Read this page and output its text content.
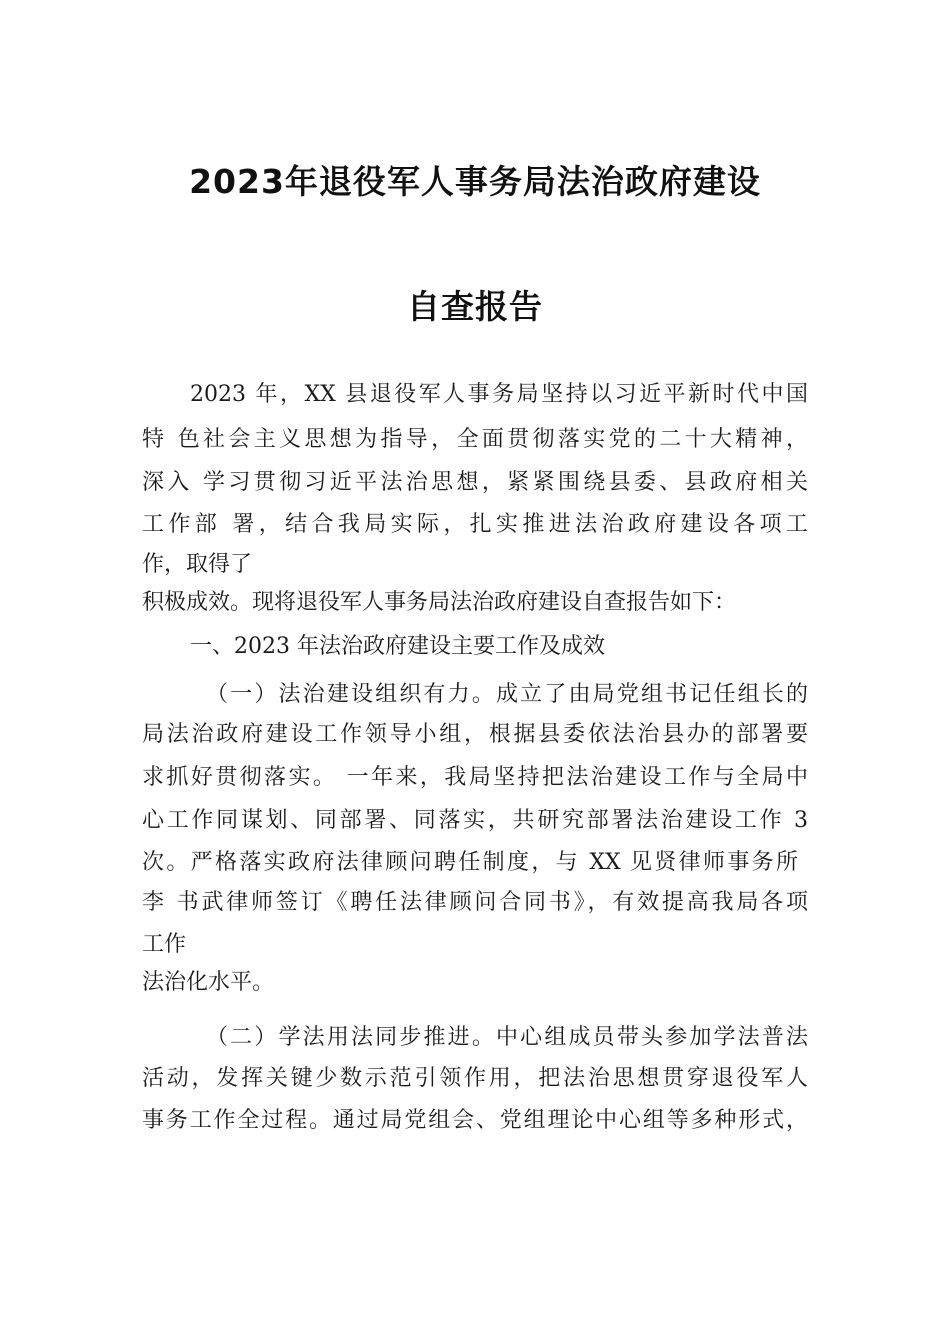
2023年退役军人事务局法治政府建设
自查报告
2023 年，XX 县退役军人事务局坚持以习近平新时代中国
特 色社会主义思想为指导，全面贯彻落实党的二十大精神，
深入 学习贯彻习近平法治思想，紧紧围绕县委、县政府相关
工作部 署，结合我局实际，扎实推进法治政府建设各项工
作，取得了
积极成效。现将退役军人事务局法治政府建设自查报告如下：
一、2023 年法治政府建设主要工作及成效
（一）法治建设组织有力。成立了由局党组书记任组长的
局法治政府建设工作领导小组，根据县委依法治县办的部署要
求抓好贯彻落实。 一年来，我局坚持把法治建设工作与全局中
心工作同谋划、同部署、同落实，共研究部署法治建设工作 3
次。严格落实政府法律顾问聘任制度，与 XX 见贤律师事务所
李 书武律师签订《聘任法律顾问合同书》，有效提高我局各项
工作
法治化水平。
（二）学法用法同步推进。中心组成员带头参加学法普法
活动，发挥关键少数示范引领作用，把法治思想贯穿退役军人
事务工作全过程。通过局党组会、党组理论中心组等多种形式，
